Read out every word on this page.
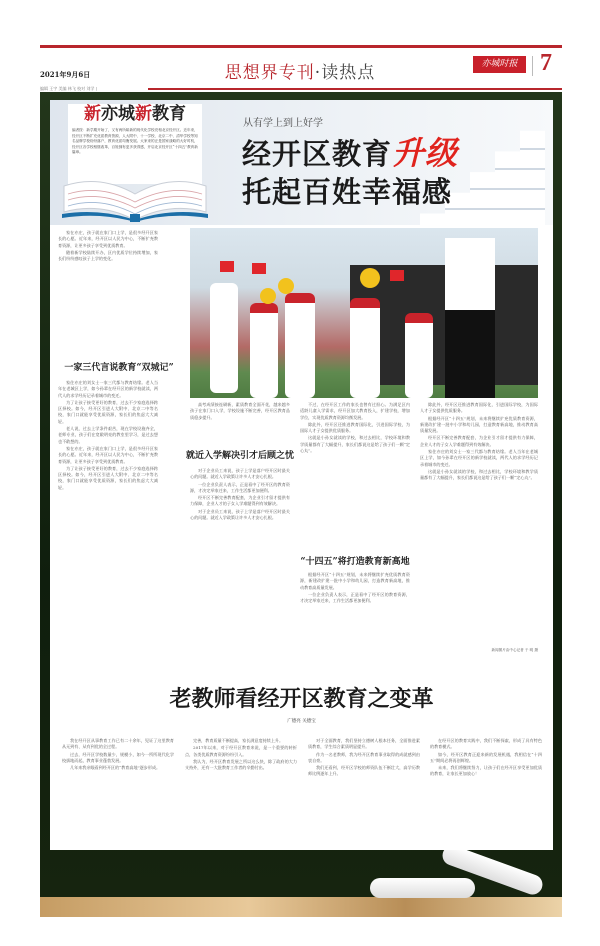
2021年9月6日	思想界专刊·读热点	亦城时报 7
编辑 王宇 美编 林飞 校对 刘学 |
新亦城新教育
编者按：新学期开始了，又有两所崭新的现代化学校亮相北京经开区。近年来，经开区不断扩充优质教育资源，人大附中、十一学校、北京二中、清华学校等知名品牌学校纷纷落户，教育优质均衡发展。大家来的正是国家战略的大好时机，经开区各学校相继改革，百姓拥有更多获得感，开启北京经开区“十四五”教育新篇章。
从有学上到上好学
经开区教育升级
托起百姓幸福感

家在亦庄，孩子就在家门口上学，是很多经开区家长的心愿。近年来，经开区以人民为中心，不断扩充教育资源，让更多孩子享受到优质教育。

随着新学校陆续开办，区内优质学位持续增加，家长们纷纷感叹孩子上学的变化。

一家三代言说教育“双城记”

家住亦庄的刘女士一家三代都与教育结缘。老人当年在老城区上学，如今孙辈在经开区的新学校就读，两代人的求学经历记录着城市的变迁。

为了让孩子接受更好的教育，过去不少家庭选择跨区择校。如今，经开区引进人大附中、北京二中等名校，家门口就能享受优质资源，家长们的焦虑大大减轻。

老人说，过去上学条件艰苦，现在学校设施齐全，老师专业，孩子们在宽敞明亮的教室里学习，是过去想也不敢想的。

家在亦庄，孩子就在家门口上学，是很多经开区家长的心愿。近年来，经开区以人民为中心，不断扩充教育资源，让更多孩子享受到优质教育。

为了让孩子接受更好的教育，过去不少家庭选择跨区择校。如今，经开区引进人大附中、北京二中等名校，家门口就能享受优质资源，家长们的焦虑大大减轻。

高考成绩接连刷新，素质教育全面开花，越来越多孩子在家门口入学，学校设施不断完善，经开区教育品质稳步提升。

就近入学解决引才后顾之忧

对于企业员工来说，孩子上学是落户经开区时最关心的问题。就近入学政策让许多人才安心扎根。

一位企业负责人表示，正是看中了经开区的教育资源，才决定举家迁来，工作生活都更加便利。

经开区不断完善教育配套，为企业引才留才提供有力保障，企业人才的子女入学难题得到有效解决。

对于企业员工来说，孩子上学是落户经开区时最关心的问题。就近入学政策让许多人才安心扎根。

不过，在经开区工作的家长也曾有过担心。为满足区内适龄儿童入学需求，经开区加大教育投入，扩建学校，增加学位，实现优质教育资源均衡发展。

除此外，经开区还推进教育国际化，引进国际学校，为国际人才子女提供优质服务。

这就是小孙女就读的学校，和过去相比，学校环境和教学质量都有了大幅提升，家长们都说这是给了孩子们一颗“定心丸”。

“十四五”将打造教育新高地

根据经开区“十四五”规划，未来将继续扩充优质教育资源，新建改扩建一批中小学和幼儿园，打造教育新高地，推动教育高质量发展。

一位企业负责人表示，正是看中了经开区的教育资源，才决定举家迁来，工作生活都更加便利。

除此外，经开区还推进教育国际化，引进国际学校，为国际人才子女提供优质服务。

根据经开区“十四五”规划，未来将继续扩充优质教育资源，新建改扩建一批中小学和幼儿园，打造教育新高地，推动教育高质量发展。

经开区不断完善教育配套，为企业引才留才提供有力保障，企业人才的子女入学难题得到有效解决。

家住亦庄的刘女士一家三代都与教育结缘。老人当年在老城区上学，如今孙辈在经开区的新学校就读，两代人的求学经历记录着城市的变迁。

这就是小孙女就读的学校，和过去相比，学校环境和教学质量都有了大幅提升，家长们都说这是给了孩子们一颗“定心丸”。

新闻图片由中心记者 于 明 摄
老教师看经开区教育之变革
广德亮 关德宝

我在经开区从事教育工作已有二十余年，见证了这里教育从无到有、从有到优的全过程。

过去，经开区学校数量少，规模小，如今一所所现代化学校拔地而起，教育事业蓬勃发展。

几年来我亲眼看到经开区的“教育高地”逐步形成。

完善，教育质量不断提高，家长满意度持续上升。

2017年以来，对于经开区教育来说，是一个重要的转折点，各类优质教育资源纷纷引入。

我认为，经开区教育发展之所以这么快，除了政府的大力支持外，还有一大批教育工作者的辛勤付出。

对于全面教育，我们坚持立德树人根本任务，全面推进素质教育，学生综合素质明显提升。

作为一名老教师，我为经开区教育事业取得的成就感到由衷自豪。

我们还看到，经开区学校的师资队伍不断壮大，高学历教师比例逐年上升。

在经开区的教育实践中，我们不断探索，形成了具有特色的教育模式。

如今，经开区教育正迎来新的发展机遇，我相信在“十四五”期间必将再创辉煌。

未来，我们将继续努力，让孩子们在经开区享受更加优质的教育，让家长更加放心！
